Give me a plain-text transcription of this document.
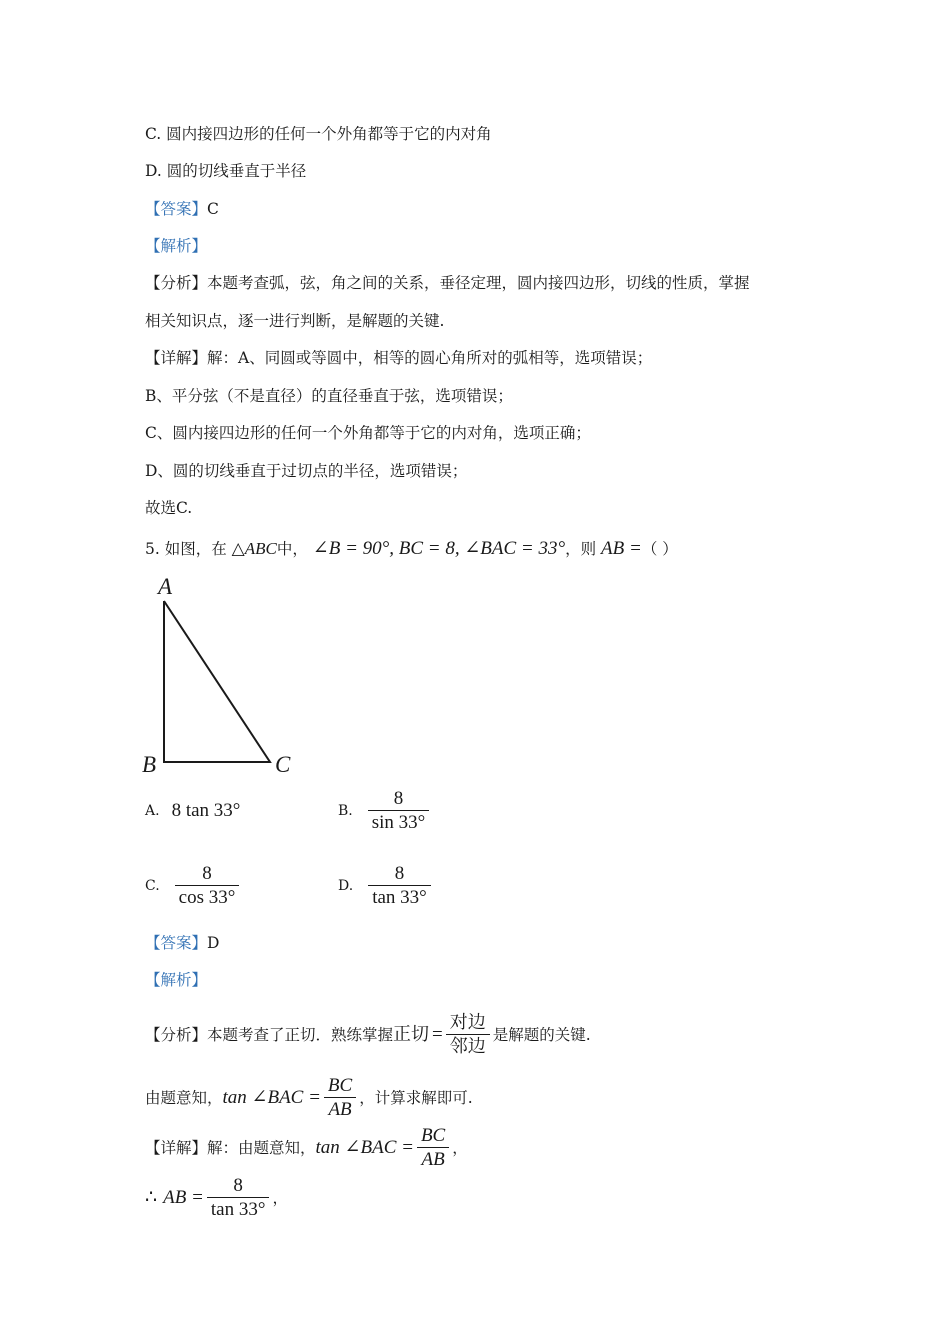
C. 圆内接四边形的任何一个外角都等于它的内对角
D. 圆的切线垂直于半径
【答案】C
【解析】
【分析】本题考查弧，弦，角之间的关系，垂径定理，圆内接四边形，切线的性质，掌握
相关知识点，逐一进行判断，是解题的关键.
【详解】解：A、同圆或等圆中，相等的圆心角所对的弧相等，选项错误；
B、平分弦（不是直径）的直径垂直于弦，选项错误；
C、圆内接四边形的任何一个外角都等于它的内对角，选项正确；
D、圆的切线垂直于过切点的半径，选项错误；
故选C.
5. 如图，在 △ABC中， ∠B = 90°, BC = 8, ∠BAC = 33°，则 AB =（ ）
A
B	C
A. 8 tan 33°	B. $\frac{8}{\sin 33^\circ}$
C. $\frac{8}{\cos 33^\circ}$	D. $\frac{8}{\tan 33^\circ}$
【答案】D
【解析】
【分析】 本题考查了正切．熟练掌握 正切 = $\frac{\text{对边}}{\text{邻边}}$ 是解题的关键.
由题意知， tan ∠BAC = $\frac{BC}{AB}$ ，计算求解即可.
【详解】 解：由题意知， tan ∠BAC = $\frac{BC}{AB}$ ，
∴ AB = $\frac{8}{\tan 33^\circ}$ ，
